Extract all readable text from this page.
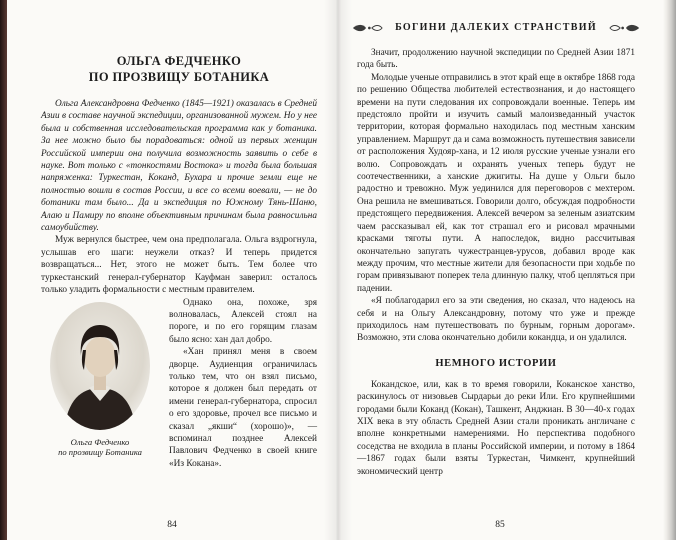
ОЛЬГА ФЕДЧЕНКО
ПО ПРОЗВИЩУ БОТАНИКА

Ольга Александровна Федченко (1845—1921) оказалась в Средней Азии в составе научной экспедиции, организованной мужем. Но у нее была и собственная исследовательская программа как у ботаника. За нее можно было бы порадоваться: одной из первых женщин Российской империи она получила возможность заявить о себе в науке. Вот только с «тонкостями Востока» и тогда была большая напряженка: Туркестан, Коканд, Бухара и прочие земли еще не полностью вошли в состав России, и все со всеми воевали, — не до ботаники там было... Да и экспедиция по Южному Тянь-Шаню, Алаю и Памиру по вполне объективным причинам была равносильна самоубийству.

Муж вернулся быстрее, чем она предполагала. Ольга вздрогнула, услышав его шаги: неужели отказ? И теперь придется возвращаться... Нет, этого не может быть. Тем более что туркестанский генерал-губернатор Кауфман заверил: осталось только уладить формальности с местным правителем.

Ольга Федченко
по прозвищу Ботаника

Однако она, похоже, зря волновалась, Алексей стоял на пороге, и по его горящим глазам было ясно: хан дал добро.

«Хан принял меня в своем дворце. Аудиенция ограничилась только тем, что он взял письмо, которое я должен был передать от имени генерал-губернатора, спросил о его здоровье, прочел все письмо и сказал „якши“ (хорошо)», — вспоминал позднее Алексей Павлович Федченко в своей книге «Из Кокана».

84
БОГИНИ ДАЛЕКИХ СТРАНСТВИЙ

Значит, продолжению научной экспедиции по Средней Азии 1871 года быть.

Молодые ученые отправились в этот край еще в октябре 1868 года по решению Общества любителей естествознания, и до настоящего времени на пути следования их сопровождали военные. Теперь им предстояло пройти и изучить самый малоизведанный участок территории, которая формально находилась под местным ханским управлением. Маршрут да и сама возможность путешествия зависели от расположения Худояр-хана, и 12 июля русские ученые узнали его волю. Сопровождать и охранять ученых теперь будут не соотечественники, а ханские джигиты. На душе у Ольги было радостно и тревожно. Муж уединился для переговоров с мехтером. Она решила не вмешиваться. Говорили долго, обсуждая подробности предстоящего передвижения. Алексей вечером за зеленым азиатским чаем рассказывал ей, как тот страшал его и рисовал мрачными красками тяготы пути. А напоследок, видно рассчитывая окончательно запугать чужестранцев-урусов, добавил вроде как между прочим, что местные жители для безопасности при ходьбе по горам привязывают поперек тела длинную палку, чтоб цепляться при падении.

«Я поблагодарил его за эти сведения, но сказал, что надеюсь на себя и на Ольгу Александровну, потому что уже и прежде приходилось нам путешествовать по бурным, горным дорогам». Возможно, эти слова окончательно добили кокандца, и он удалился.

НЕМНОГО ИСТОРИИ

Кокандское, или, как в то время говорили, Коканское ханство, раскинулось от низовьев Сырдарьи до реки Или. Его крупнейшими городами были Коканд (Кокан), Ташкент, Анджиан. В 30—40-х годах XIX века в эту область Средней Азии стали проникать англичане с вполне конкретными намерениями. Но перспектива подобного соседства не входила в планы Российской империи, и потому в 1864—1867 годах были взяты Туркестан, Чимкент, крупнейший экономический центр

85
